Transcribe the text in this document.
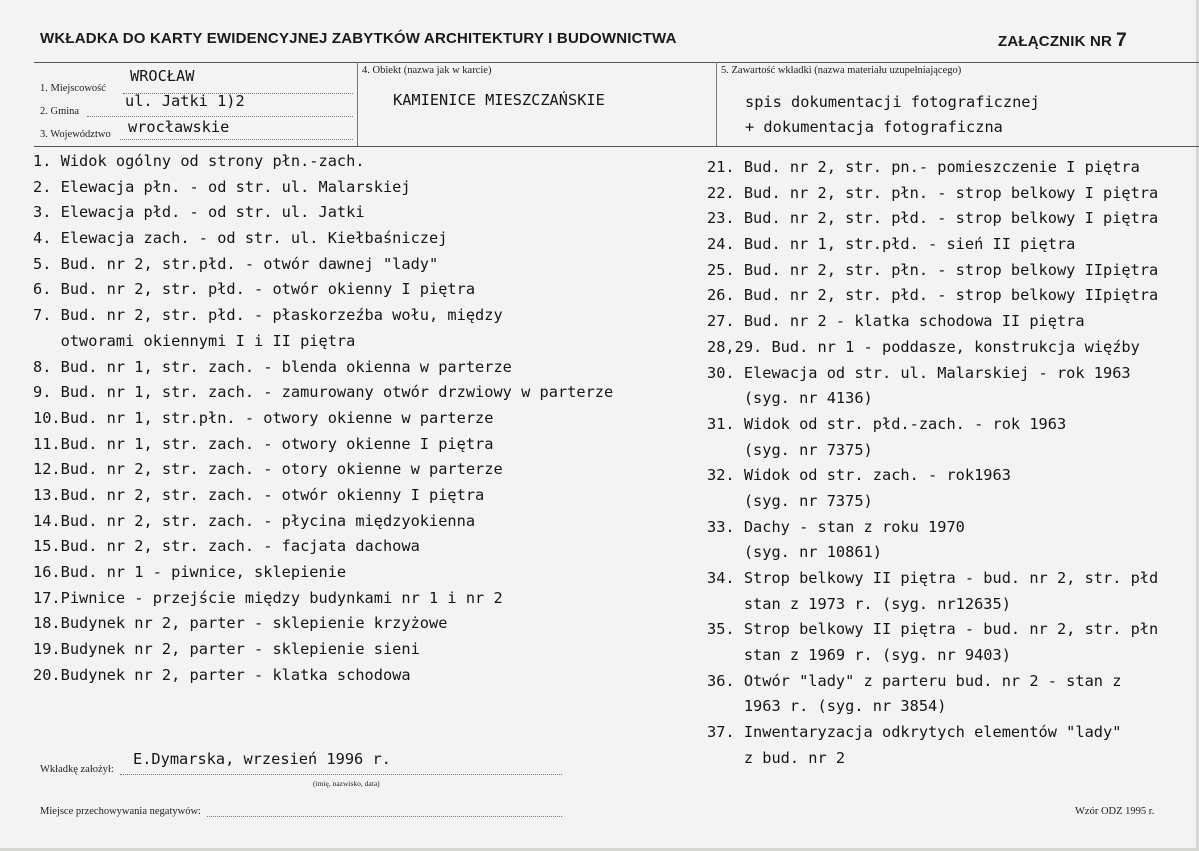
WKŁADKA DO KARTY EWIDENCYJNEJ ZABYTKÓW ARCHITEKTURY I BUDOWNICTWA	ZAŁĄCZNIK NR 7
1. Miejscowość
WROCŁAW
2. Gmina
ul. Jatki 1)2
3. Województwo wrocławskie
4. Obiekt (nazwa jak w karcie)
KAMIENICE MIESZCZAŃSKIE
5. Zawartość wkładki (nazwa materiału uzupełniającego)
spis dokumentacji fotograficznej
+ dokumentacja fotograficzna
1. Widok ogólny od strony płn.-zach.
2. Elewacja płn. - od str. ul. Malarskiej
3. Elewacja płd. - od str. ul. Jatki
4. Elewacja zach. - od str. ul. Kiełbaśniczej
5. Bud. nr 2, str.płd. - otwór dawnej "lady"
6. Bud. nr 2, str. płd. - otwór okienny I piętra
7. Bud. nr 2, str. płd. - płaskorzeźba wołu, między
otworami okiennymi I i II piętra
8. Bud. nr 1, str. zach. - blenda okienna w parterze
9. Bud. nr 1, str. zach. - zamurowany otwór drzwiowy w parterze
10.Bud. nr 1, str.płn. - otwory okienne w parterze
11.Bud. nr 1, str. zach. - otwory okienne I piętra
12.Bud. nr 2, str. zach. - otory okienne w parterze
13.Bud. nr 2, str. zach. - otwór okienny I piętra
14.Bud. nr 2, str. zach. - płycina międzyokienna
15.Bud. nr 2, str. zach. - facjata dachowa
16.Bud. nr 1 - piwnice, sklepienie
17.Piwnice - przejście między budynkami nr 1 i nr 2
18.Budynek nr 2, parter - sklepienie krzyżowe
19.Budynek nr 2, parter - sklepienie sieni
20.Budynek nr 2, parter - klatka schodowa
21. Bud. nr 2, str. pn.- pomieszczenie I piętra
22. Bud. nr 2, str. płn. - strop belkowy I piętra
23. Bud. nr 2, str. płd. - strop belkowy I piętra
24. Bud. nr 1, str.płd. - sień II piętra
25. Bud. nr 2, str. płn. - strop belkowy IIpiętra
26. Bud. nr 2, str. płd. - strop belkowy IIpiętra
27. Bud. nr 2 - klatka schodowa II piętra
28,29. Bud. nr 1 - poddasze, konstrukcja więźby
30. Elewacja od str. ul. Malarskiej - rok 1963
(syg. nr 4136)
31. Widok od str. płd.-zach. - rok 1963
(syg. nr 7375)
32. Widok od str. zach. - rok1963
(syg. nr 7375)
33. Dachy - stan z roku 1970
(syg. nr 10861)
34. Strop belkowy II piętra - bud. nr 2, str. płd
stan z 1973 r. (syg. nr12635)
35. Strop belkowy II piętra - bud. nr 2, str. płn
stan z 1969 r. (syg. nr 9403)
36. Otwór "lady" z parteru bud. nr 2 - stan z
1963 r. (syg. nr 3854)
37. Inwentaryzacja odkrytych elementów "lady"
z bud. nr 2
Wkładkę założył:
E.Dymarska, wrzesień 1996 r.
(imię, nazwisko, data)
Miejsce przechowywania negatywów:	Wzór ODZ 1995 r.
